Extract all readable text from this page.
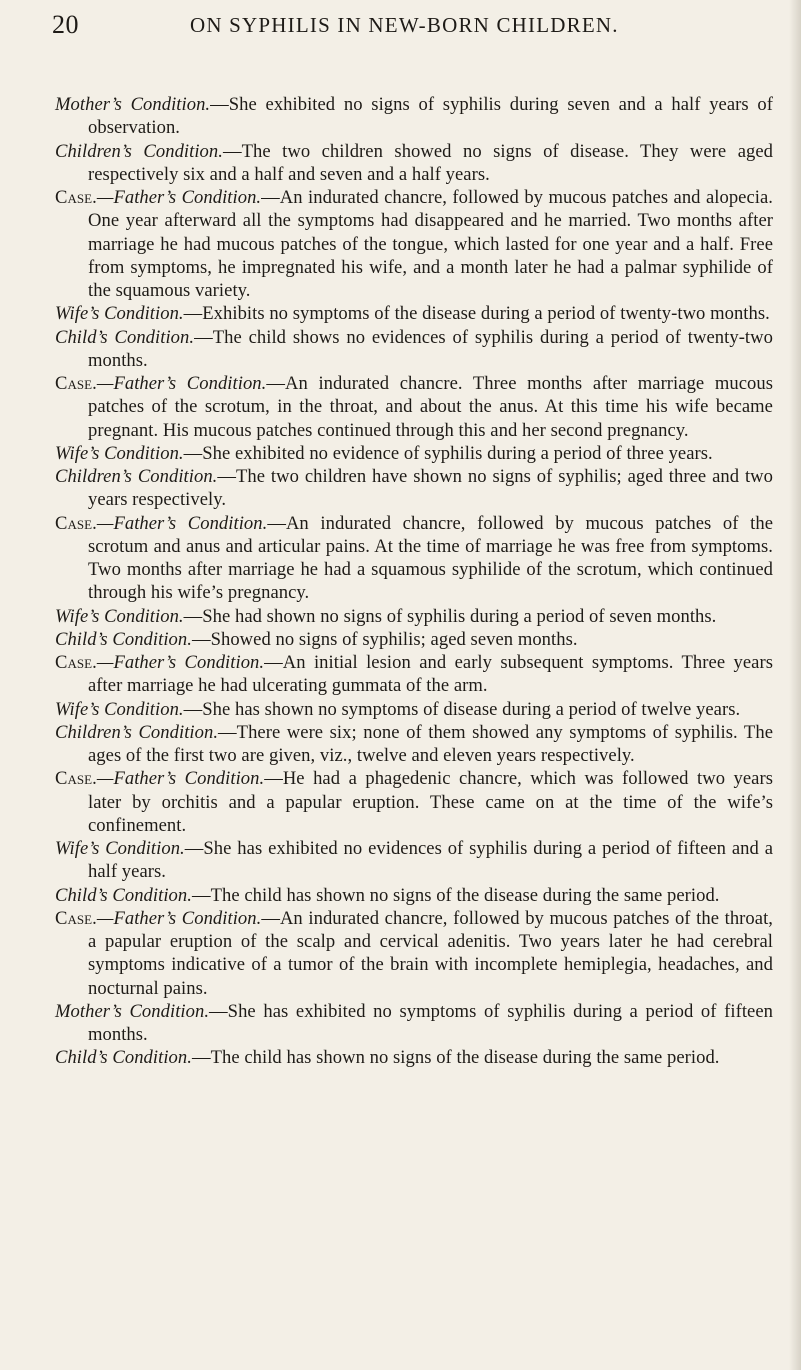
20	ON SYPHILIS IN NEW-BORN CHILDREN.

Mother’s Condition.—She exhibited no signs of syphilis during seven and a half years of observation.

Children’s Condition.—The two children showed no signs of disease. They were aged respectively six and a half and seven and a half years.

Case.—Father’s Condition.—An indurated chancre, followed by mucous patches and alopecia. One year afterward all the symptoms had disappeared and he married. Two months after marriage he had mucous patches of the tongue, which lasted for one year and a half. Free from symptoms, he impregnated his wife, and a month later he had a palmar syphilide of the squamous variety.

Wife’s Condition.—Exhibits no symptoms of the disease during a period of twenty-two months.

Child’s Condition.—The child shows no evidences of syphilis during a period of twenty-two months.

Case.—Father’s Condition.—An indurated chancre. Three months after marriage mucous patches of the scrotum, in the throat, and about the anus. At this time his wife became pregnant. His mucous patches continued through this and her second pregnancy.

Wife’s Condition.—She exhibited no evidence of syphilis during a period of three years.

Children’s Condition.—The two children have shown no signs of syphilis; aged three and two years respectively.

Case.—Father’s Condition.—An indurated chancre, followed by mucous patches of the scrotum and anus and articular pains. At the time of marriage he was free from symptoms. Two months after marriage he had a squamous syphilide of the scrotum, which continued through his wife’s pregnancy.

Wife’s Condition.—She had shown no signs of syphilis during a period of seven months.

Child’s Condition.—Showed no signs of syphilis; aged seven months.

Case.—Father’s Condition.—An initial lesion and early subsequent symptoms. Three years after marriage he had ulcerating gummata of the arm.

Wife’s Condition.—She has shown no symptoms of disease during a period of twelve years.

Children’s Condition.—There were six; none of them showed any symptoms of syphilis. The ages of the first two are given, viz., twelve and eleven years respectively.

Case.—Father’s Condition.—He had a phagedenic chancre, which was followed two years later by orchitis and a papular eruption. These came on at the time of the wife’s confinement.

Wife’s Condition.—She has exhibited no evidences of syphilis during a period of fifteen and a half years.

Child’s Condition.—The child has shown no signs of the disease during the same period.

Case.—Father’s Condition.—An indurated chancre, followed by mucous patches of the throat, a papular eruption of the scalp and cervical adenitis. Two years later he had cerebral symptoms indicative of a tumor of the brain with incomplete hemiplegia, headaches, and nocturnal pains.

Mother’s Condition.—She has exhibited no symptoms of syphilis during a period of fifteen months.

Child’s Condition.—The child has shown no signs of the disease during the same period.
